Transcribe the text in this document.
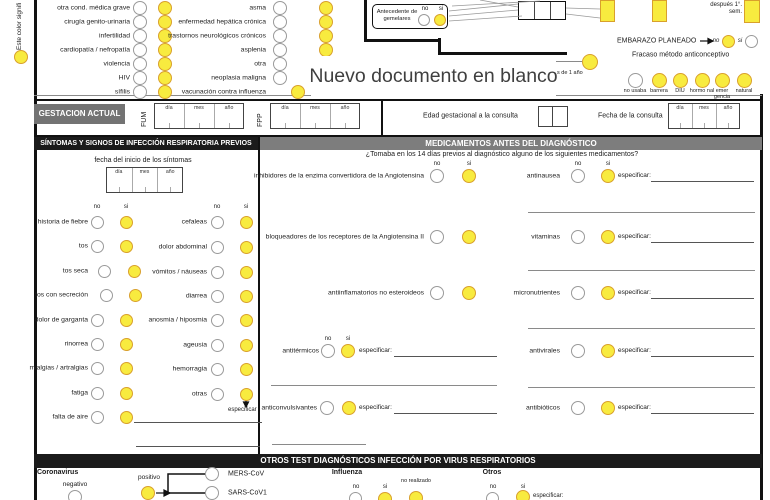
Este color signifi	Antecedente de gemelares
no si
después 1°. sem.
EMBARAZO PLANEADO	no	si
Fracaso método anticonceptivo
s de 1 año
GESTACION ACTUAL	FUM	FPP	Edad gestacional a la consulta	Fecha de la consulta
SÍNTOMAS Y SIGNOS DE INFECCIÓN RESPIRATORIA PREVIOS
fecha del inicio de los síntomas
no	si	no	si
especificar
MEDICAMENTOS ANTES DEL DIAGNÓSTICO
¿Tomaba en los 14 días previos al diagnóstico alguno de los siguientes medicamentos?
no	si	no	si
no si
OTROS TEST DIAGNÓSTICOS INFECCIÓN POR VIRUS RESPIRATORIOS
Coronavirus
negativo
positivo	MERS-CoV
SARS-CoV1
Influenza
no	si
no realizado
Otros
no	si
especificar:
Nuevo documento en blanco
otra cond. médica grave
cirugía genito-urinaria
infertilidad
cardiopatía / nefropatía
violencia
HIV
sífilis
asma
enfermedad hepática crónica
trastornos neurológicos crónicos
asplenia
otra
neoplasia maligna
vacunación contra influenza
historia de fiebre
tos
tos seca
tos con secreción
dolor de garganta
rinorrea
mialgias / artralgias
fatiga
falta de aire
cefaleas
dolor abdominal
vómitos / náuseas
diarrea
anosmia / hiposmia
ageusia
hemorragia
otras
inhibidores de la enzima convertidora de la Angiotensina
bloqueadores de los receptores de la Angiotensina II
antiinflamatorios no esteroideos
antitérmicos	especificar:
anticonvulsivantes	especificar:
antinausea	especificar:
vitaminas	especificar:
micronutrientes	especificar:
antivirales	especificar:
antibióticos	especificar:
día	mes	año	día	mes	año	día	mes	año
día	mes	año
no usaba barrera	DIU hormo nal emer gencia
natural
